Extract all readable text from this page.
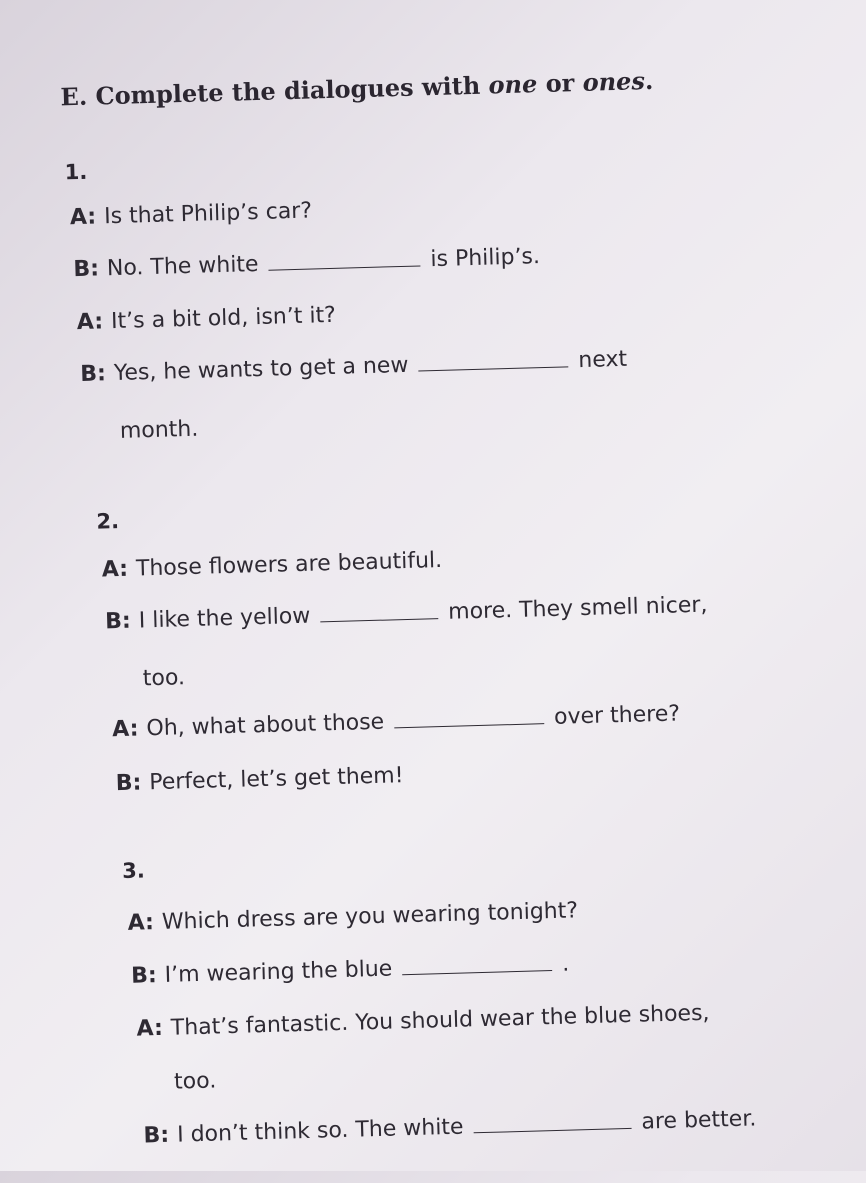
E. Complete the dialogues with one or ones.
1.
A: Is that Philip’s car?
B: No. The white	is Philip’s.
A: It’s a bit old, isn’t it?
B: Yes, he wants to get a new	next
month.
2.
A: Those flowers are beautiful.
B: I like the yellow	more. They smell nicer,
too.
A: Oh, what about those	over there?
B: Perfect, let’s get them!
3.
A: Which dress are you wearing tonight?
B: I’m wearing the blue	.
A: That’s fantastic. You should wear the blue shoes,
too.
B: I don’t think so. The white	are better.
